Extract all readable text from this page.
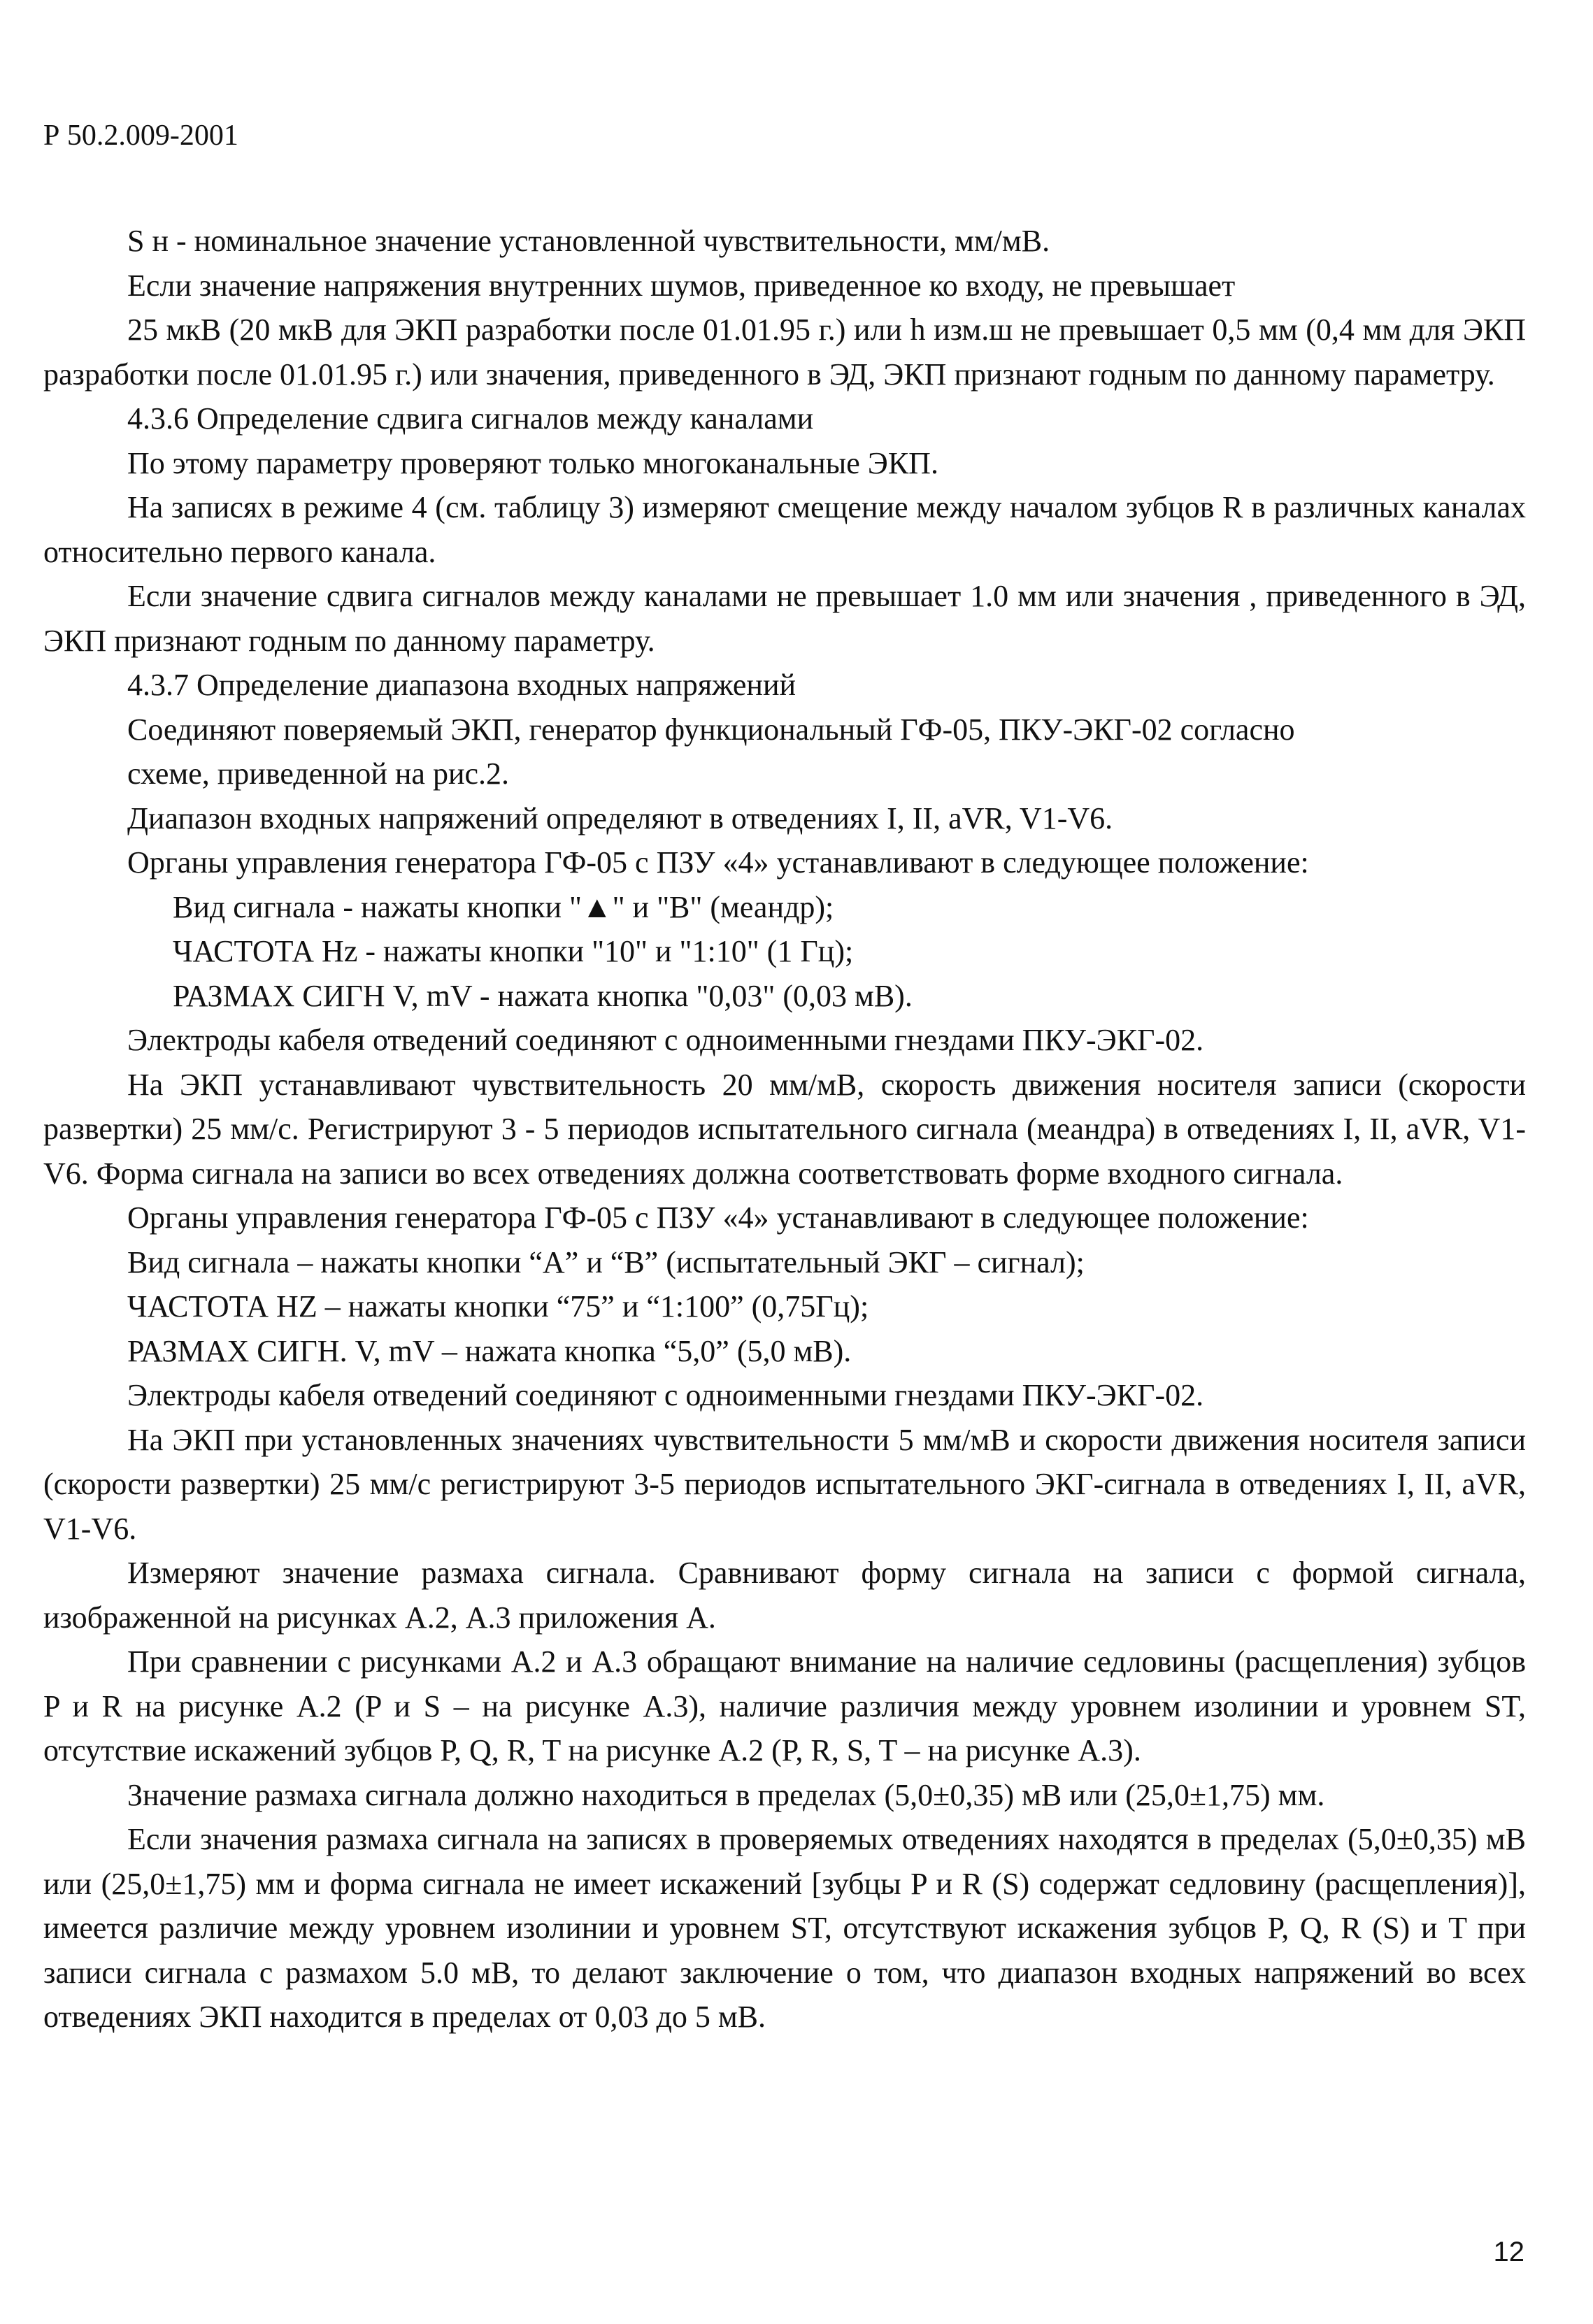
Р 50.2.009-2001

S н - номинальное значение установленной чувствительности, мм/мВ.

Если значение напряжения внутренних шумов, приведенное ко входу, не превышает

25 мкВ (20 мкВ для ЭКП разработки после 01.01.95 г.) или h изм.ш не превышает 0,5 мм (0,4 мм для ЭКП разработки после 01.01.95 г.) или значения, приведенного в ЭД, ЭКП признают годным по данному параметру.

4.3.6 Определение сдвига сигналов между каналами

По этому параметру проверяют только многоканальные ЭКП.

На записях в режиме 4 (см. таблицу 3) измеряют смещение между началом зубцов R в различных каналах относительно первого канала.

Если значение сдвига сигналов между каналами не превышает 1.0 мм или значения , приведенного в ЭД, ЭКП признают годным по данному параметру.

4.3.7 Определение диапазона входных напряжений

Соединяют поверяемый ЭКП, генератор функциональный ГФ-05, ПКУ-ЭКГ-02 согласно

схеме, приведенной на рис.2.

Диапазон входных напряжений определяют в отведениях I, II, aVR, V1-V6.

Органы управления генератора ГФ-05 с ПЗУ «4» устанавливают в следующее положение:

Вид сигнала - нажаты кнопки "▲" и "В" (меандр);

ЧАСТОТА Hz - нажаты кнопки "10" и "1:10" (1 Гц);

РАЗМАХ СИГН V, mV - нажата кнопка "0,03" (0,03 мВ).

Электроды кабеля отведений соединяют с одноименными гнездами ПКУ-ЭКГ-02.

На ЭКП устанавливают чувствительность 20 мм/мВ, скорость движения носителя записи (скорости развертки) 25 мм/с. Регистрируют 3 - 5 периодов испытательного сигнала (меандра) в отведениях I, II, aVR, V1-V6. Форма сигнала на записи во всех отведениях должна соответствовать форме входного сигнала.

Органы управления генератора ГФ-05 с ПЗУ «4» устанавливают в следующее положение:

Вид сигнала – нажаты кнопки “А” и “В” (испытательный ЭКГ – сигнал);

ЧАСТОТА HZ – нажаты кнопки “75” и “1:100” (0,75Гц);

РАЗМАХ СИГН. V, mV – нажата кнопка “5,0” (5,0 мВ).

Электроды кабеля отведений соединяют с одноименными гнездами ПКУ-ЭКГ-02.

На ЭКП при установленных значениях чувствительности 5 мм/мВ и скорости движения носителя записи (скорости развертки) 25 мм/с регистрируют 3-5 периодов испытательного ЭКГ-сигнала в отведениях I, II, aVR, V1-V6.

Измеряют значение размаха сигнала. Сравнивают форму сигнала на записи с формой сигнала, изображенной на рисунках А.2, А.3 приложения А.

При сравнении с рисунками А.2 и А.3 обращают внимание на наличие седловины (расщепления) зубцов P и R на рисунке А.2 (P и S – на рисунке А.3), наличие различия между уровнем изолинии и уровнем ST, отсутствие искажений зубцов P, Q, R, T на рисунке А.2 (P, R, S, T – на рисунке А.3).

Значение размаха сигнала должно находиться в пределах (5,0±0,35) мВ или (25,0±1,75) мм.

Если значения размаха сигнала на записях в проверяемых отведениях находятся в пределах (5,0±0,35) мВ или (25,0±1,75) мм и форма сигнала не имеет искажений [зубцы P и R (S) содержат седловину (расщепления)], имеется различие между уровнем изолинии и уровнем ST, отсутствуют искажения зубцов P, Q, R (S) и T при записи сигнала с размахом 5.0 мВ, то делают заключение о том, что диапазон входных напряжений во всех отведениях ЭКП находится в пределах от 0,03 до 5 мВ.

12
